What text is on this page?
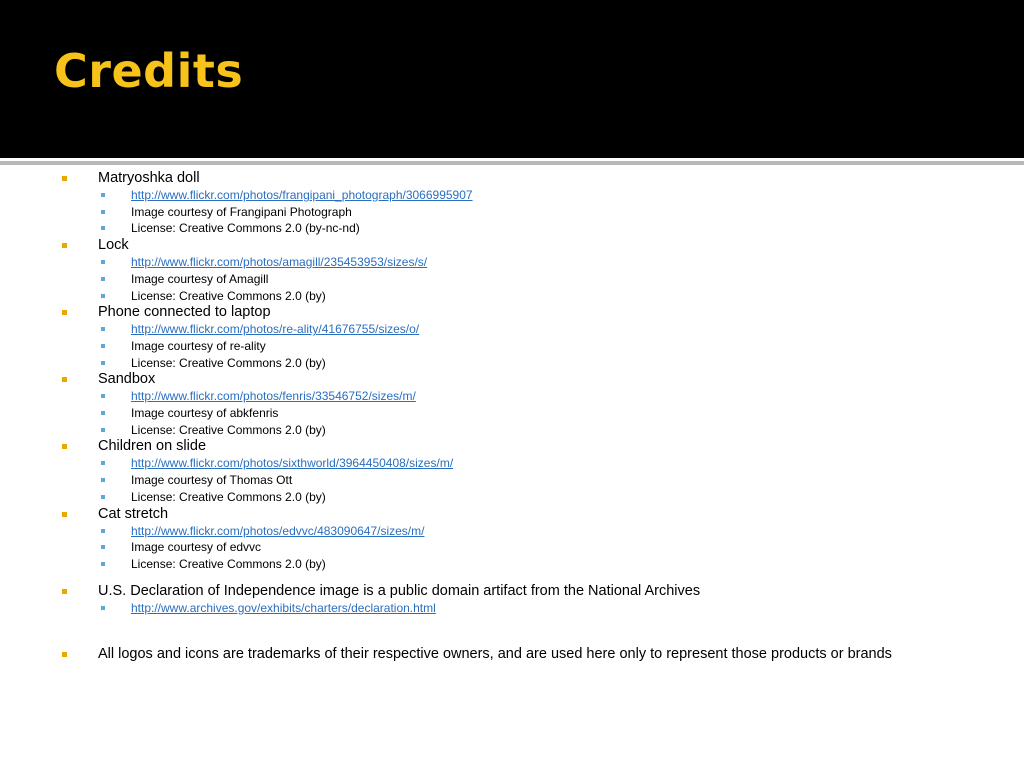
Credits
Matryoshka doll
http://www.flickr.com/photos/frangipani_photograph/3066995907
Image courtesy of Frangipani Photograph
License: Creative Commons 2.0 (by-nc-nd)
Lock
http://www.flickr.com/photos/amagill/235453953/sizes/s/
Image courtesy of Amagill
License: Creative Commons 2.0 (by)
Phone connected to laptop
http://www.flickr.com/photos/re-ality/41676755/sizes/o/
Image courtesy of re-ality
License: Creative Commons 2.0 (by)
Sandbox
http://www.flickr.com/photos/fenris/33546752/sizes/m/
Image courtesy of abkfenris
License: Creative Commons 2.0 (by)
Children on slide
http://www.flickr.com/photos/sixthworld/3964450408/sizes/m/
Image courtesy of Thomas Ott
License: Creative Commons 2.0 (by)
Cat stretch
http://www.flickr.com/photos/edvvc/483090647/sizes/m/
Image courtesy of edvvc
License: Creative Commons 2.0 (by)
U.S. Declaration of Independence image is a public domain artifact from the National Archives
http://www.archives.gov/exhibits/charters/declaration.html
All logos and icons are trademarks of their respective owners, and are used here only to represent those products or brands
